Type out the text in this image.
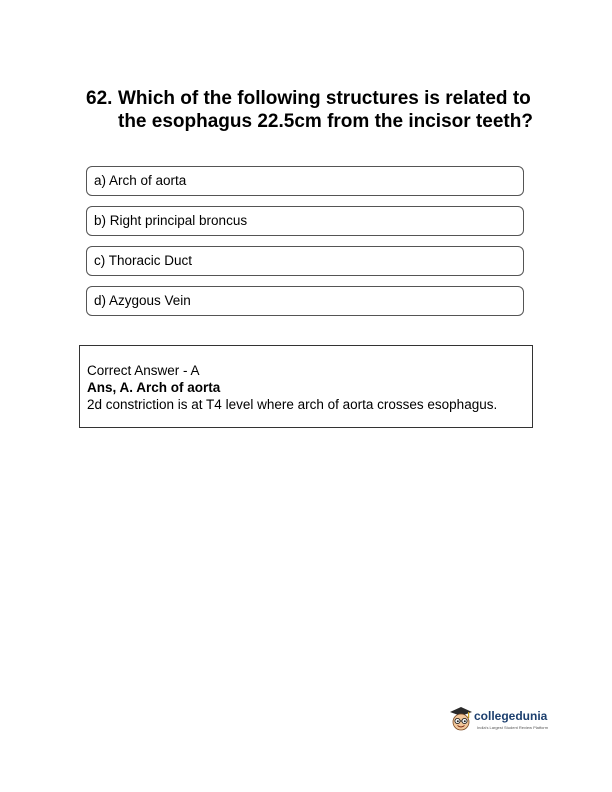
62. Which of the following structures is related to the esophagus 22.5cm from the incisor teeth?
a) Arch of aorta
b) Right principal broncus
c) Thoracic Duct
d) Azygous Vein
Correct Answer - A
Ans, A. Arch of aorta
2d constriction is at T4 level where arch of aorta crosses esophagus.
collegedunia
India's Largest Student Review Platform
